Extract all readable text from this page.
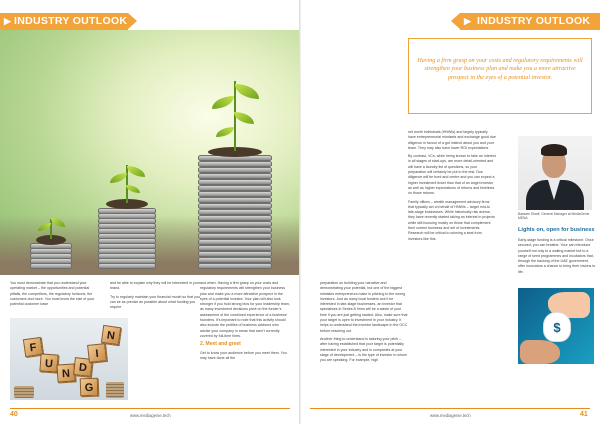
▶ INDUSTRY OUTLOOK

You must demonstrate that you understand your operating market – the opportunities and potential pitfalls, the competitors, the regulatory horizons, the customers and more. You must know the size of your potential customer base

and be able to explain why they will be interested in your brand.

Try to regularly maintain your financial model so that you can be as precise as possible about what funding you require

and when. Having a firm grasp on your costs and regulatory requirements will strengthen your business plan and make you a more attractive prospect in the eyes of a potential investor. Your plan will also look stronger if you hold strong bios for your leadership team, as many investment decisions pivot on the funder’s assessment of the combined experience of a business’ founders. It’s important to note that this activity should also include the profiles of business advisors who advise your company in areas that aren’t currently covered by full-time hires.

2. Meet and greet

Get to know your audience before you meet them. You may have done all the

F
U
N D
I
N
G
40	www.mediagenie.tech
▶ INDUSTRY OUTLOOK
Having a firm grasp on your costs and regulatory requirements will strengthen your business plan and make you a more attractive prospect in the eyes of a potential investor.

net worth individuals (HNWIs) and largely typically have entrepreneurial mindsets and exchange good due diligence in favour of a gut instinct about you and your team. They may also have lower ROI expectations.

By contrast, VCs, while being known to take an interest in all stages of start-ups, are more detail-oriented and will have a laundry list of questions, so your preparation will certainly be put to the test. Due diligence will be front and centre and you can expect a higher investment ticket than that of an angel investor as well as higher expectations of returns and timelines on those returns.

Family offices – wealth management advisory firms that typically act on behalf of HNWIs – target mid-to late-stage businesses. While historically risk averse, they have recently started taking an interest in projects while still focusing mostly on those that complement their current business and set of investments. Research will be critical to winning a seat from investors like this.

preparation on building your narrative and demonstrating your potential, but one of the biggest mistakes entrepreneurs make is pitching to the wrong investors. Just as many local funders won’t be interested in late-stage businesses, an investor that specialises in Series B firms will be a waste of your time if you are just getting started. Also, make sure that your target is open to investment in your industry. It helps to understand the investor landscape in the GCC before reaching out.

Another thing to understand is tailoring your pitch – after having established that your target is potentially interested in your industry and in companies at your stage of development – is the type of investor to whom you are speaking. For example, high

Bassam Sharif, General Manager at MediaGenie MENA
Lights on, open for business

Early-stage funding is a critical milestone. Once secured, you can breathe. Your can introduce yourself not only to a waiting market but to a range of seed programmes and incubators that, through the backing of the UAE government, offer innovators a chance to bring their visions to life.

$
www.mediagenie.tech	41
